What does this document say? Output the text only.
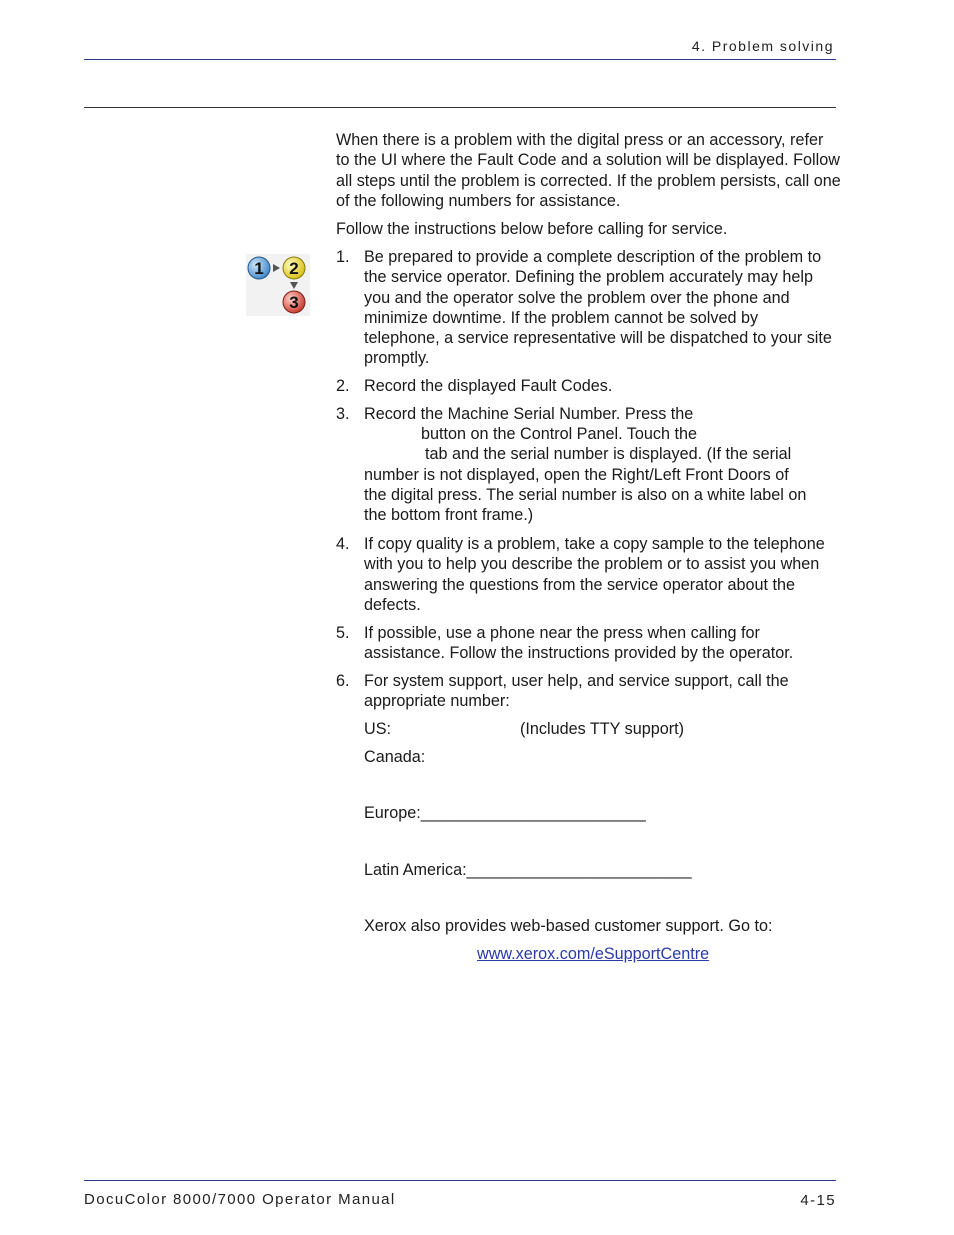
4. Problem solving

When there is a problem with the digital press or an accessory, refer to the UI where the Fault Code and a solution will be displayed. Follow all steps until the problem is corrected. If the problem persists, call one of the following numbers for assistance.

Follow the instructions below before calling for service.

1 2
3
1. Be prepared to provide a complete description of the problem to the service operator. Defining the problem accurately may help you and the operator solve the problem over the phone and minimize downtime. If the problem cannot be solved by telephone, a service representative will be dispatched to your site promptly.
2. Record the displayed Fault Codes.
3. Record the Machine Serial Number. Press the
button on the Control Panel. Touch the
tab and the serial number is displayed. (If the serial
number is not displayed, open the Right/Left Front Doors of
the digital press. The serial number is also on a white label on
the bottom front frame.)
4. If copy quality is a problem, take a copy sample to the telephone with you to help you describe the problem or to assist you when answering the questions from the service operator about the defects.
5. If possible, use a phone near the press when calling for assistance. Follow the instructions provided by the operator.
6. For system support, user help, and service support, call the appropriate number:
US:	(Includes TTY support)
Canada:
Europe:_________________________
Latin America:_________________________
Xerox also provides web-based customer support. Go to:
www.xerox.com/eSupportCentre
DocuColor 8000/7000 Operator Manual	4-15
